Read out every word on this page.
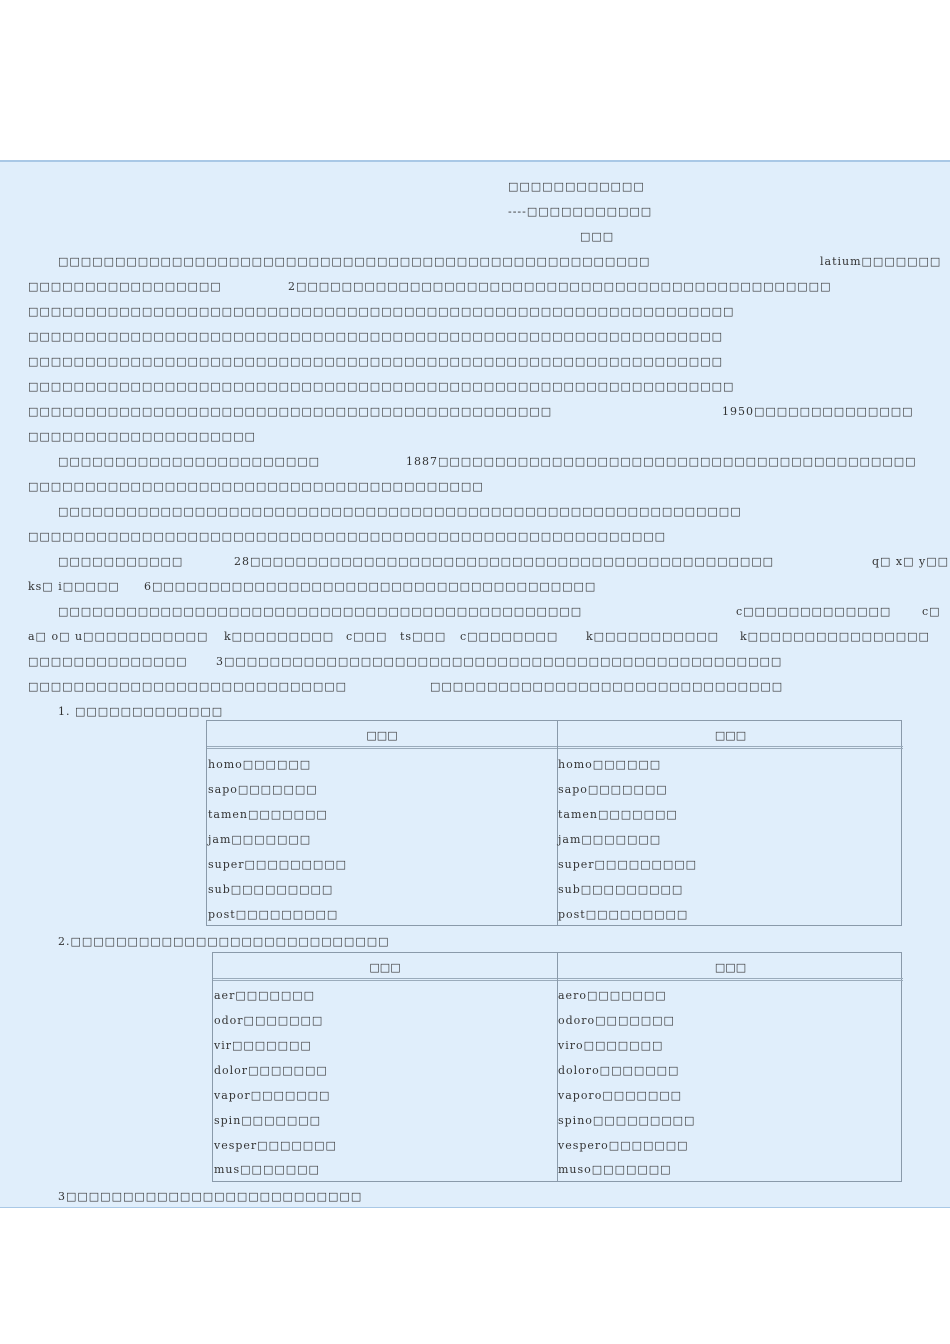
□□□□□□□□□□□□
----□□□□□□□□□□□
□□□
□□□□□□□□□□□□□□□□□□□□□□□□□□□□□□□□□□□□□□□□□□□□□□□□□□□□	latium□□□□□□□
□□□□□□□□□□□□□□□□□	2□□□□□□□□□□□□□□□□□□□□□□□□□□□□□□□□□□□□□□□□□□□□□□□
□□□□□□□□□□□□□□□□□□□□□□□□□□□□□□□□□□□□□□□□□□□□□□□□□□□□□□□□□□□□□□
□□□□□□□□□□□□□□□□□□□□□□□□□□□□□□□□□□□□□□□□□□□□□□□□□□□□□□□□□□□□□
□□□□□□□□□□□□□□□□□□□□□□□□□□□□□□□□□□□□□□□□□□□□□□□□□□□□□□□□□□□□□
□□□□□□□□□□□□□□□□□□□□□□□□□□□□□□□□□□□□□□□□□□□□□□□□□□□□□□□□□□□□□□
□□□□□□□□□□□□□□□□□□□□□□□□□□□□□□□□□□□□□□□□□□□□□□	1950□□□□□□□□□□□□□□
□□□□□□□□□□□□□□□□□□□□
□□□□□□□□□□□□□□□□□□□□□□□	1887□□□□□□□□□□□□□□□□□□□□□□□□□□□□□□□□□□□□□□□□□□
□□□□□□□□□□□□□□□□□□□□□□□□□□□□□□□□□□□□□□□□
□□□□□□□□□□□□□□□□□□□□□□□□□□□□□□□□□□□□□□□□□□□□□□□□□□□□□□□□□□□□
□□□□□□□□□□□□□□□□□□□□□□□□□□□□□□□□□□□□□□□□□□□□□□□□□□□□□□□□
□□□□□□□□□□□	28□□□□□□□□□□□□□□□□□□□□□□□□□□□□□□□□□□□□□□□□□□□□□□	q□ x□ y□□
ks□ i□□□□□ 6□□□□□□□□□□□□□□□□□□□□□□□□□□□□□□□□□□□□□□□
□□□□□□□□□□□□□□□□□□□□□□□□□□□□□□□□□□□□□□□□□□□□□□	c□□□□□□□□□□□□□	c□
a□ o□ u□□□□□□□□□□□ k□□□□□□□□□ c□□□ ts□□□ c□□□□□□□□	k□□□□□□□□□□□ k□□□□□□□□□□□□□□□□
□□□□□□□□□□□□□□	3□□□□□□□□□□□□□□□□□□□□□□□□□□□□□□□□□□□□□□□□□□□□□□□□□
□□□□□□□□□□□□□□□□□□□□□□□□□□□□	□□□□□□□□□□□□□□□□□□□□□□□□□□□□□□□
1. □□□□□□□□□□□□□
□□□	□□□
homo□□□□□□	homo□□□□□□
sapo□□□□□□□	sapo□□□□□□□
tamen□□□□□□□	tamen□□□□□□□
jam□□□□□□□	jam□□□□□□□
super□□□□□□□□□	super□□□□□□□□□
sub□□□□□□□□□	sub□□□□□□□□□
post□□□□□□□□□	post□□□□□□□□□
2.□□□□□□□□□□□□□□□□□□□□□□□□□□□□
□□□	□□□
aer□□□□□□□	aero□□□□□□□
odor□□□□□□□	odoro□□□□□□□
vir□□□□□□□	viro□□□□□□□
dolor□□□□□□□	doloro□□□□□□□
vapor□□□□□□□	vaporo□□□□□□□
spin□□□□□□□	spino□□□□□□□□□
vesper□□□□□□□	vespero□□□□□□□
mus□□□□□□□	muso□□□□□□□
3□□□□□□□□□□□□□□□□□□□□□□□□□□
